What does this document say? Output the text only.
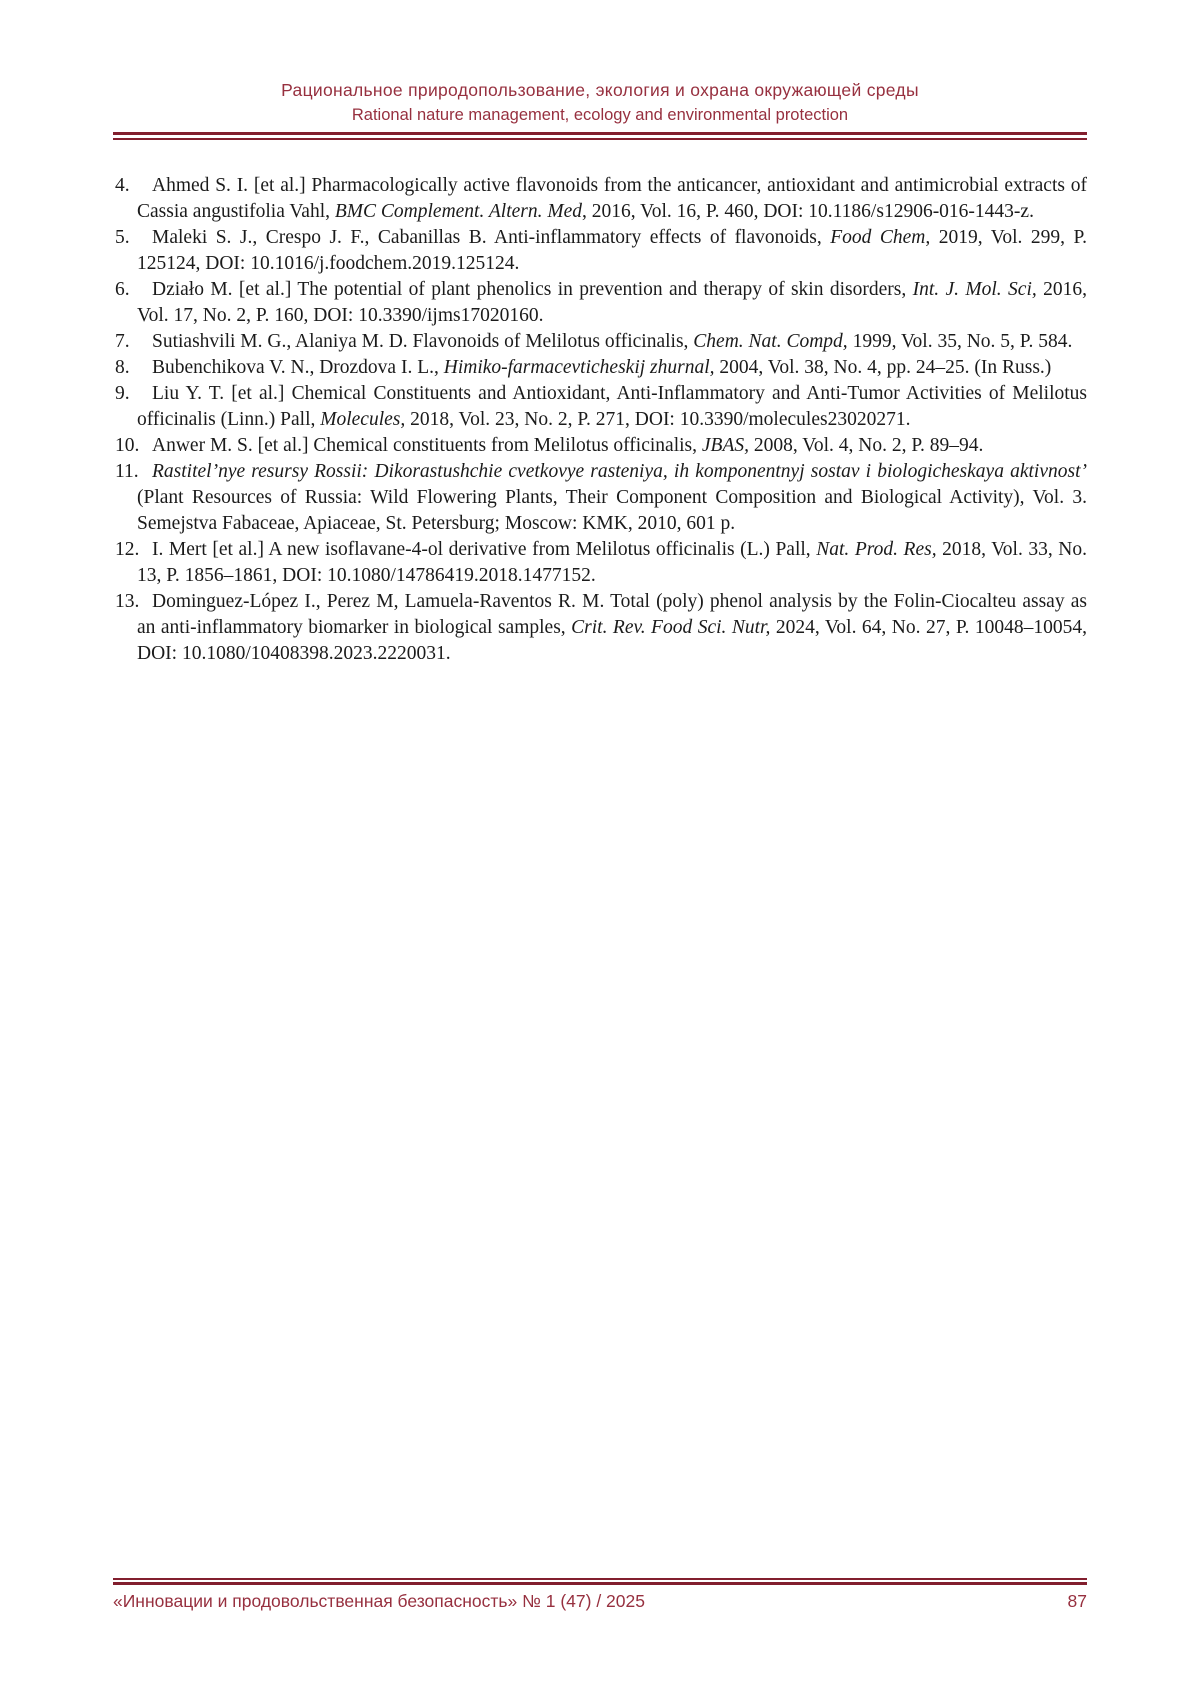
Рациональное природопользование, экология и охрана окружающей среды
Rational nature management, ecology and environmental protection
4. Ahmed S. I. [et al.] Pharmacologically active flavonoids from the anticancer, antioxidant and antimicrobial extracts of Cassia angustifolia Vahl, BMC Complement. Altern. Med, 2016, Vol. 16, P. 460, DOI: 10.1186/s12906-016-1443-z.
5. Maleki S. J., Crespo J. F., Cabanillas B. Anti-inflammatory effects of flavonoids, Food Chem, 2019, Vol. 299, P. 125124, DOI: 10.1016/j.foodchem.2019.125124.
6. Działo M. [et al.] The potential of plant phenolics in prevention and therapy of skin disorders, Int. J. Mol. Sci, 2016, Vol. 17, No. 2, P. 160, DOI: 10.3390/ijms17020160.
7. Sutiashvili M. G., Alaniya M. D. Flavonoids of Melilotus officinalis, Chem. Nat. Compd, 1999, Vol. 35, No. 5, P. 584.
8. Bubenchikova V. N., Drozdova I. L., Himiko-farmacevticheskij zhurnal, 2004, Vol. 38, No. 4, pp. 24–25. (In Russ.)
9. Liu Y. T. [et al.] Chemical Constituents and Antioxidant, Anti-Inflammatory and Anti-Tumor Activities of Melilotus officinalis (Linn.) Pall, Molecules, 2018, Vol. 23, No. 2, P. 271, DOI: 10.3390/molecules23020271.
10. Anwer M. S. [et al.] Chemical constituents from Melilotus officinalis, JBAS, 2008, Vol. 4, No. 2, P. 89–94.
11. Rastitel’nye resursy Rossii: Dikorastushchie cvetkovye rasteniya, ih komponentnyj sostav i biologicheskaya aktivnost’ (Plant Resources of Russia: Wild Flowering Plants, Their Component Composition and Biological Activity), Vol. 3. Semejstva Fabaceae, Apiaceae, St. Petersburg; Moscow: KMK, 2010, 601 p.
12. I. Mert [et al.] A new isoflavane-4-ol derivative from Melilotus officinalis (L.) Pall, Nat. Prod. Res, 2018, Vol. 33, No. 13, P. 1856–1861, DOI: 10.1080/14786419.2018.1477152.
13. Dominguez-López I., Perez M, Lamuela-Raventos R. M. Total (poly) phenol analysis by the Folin-Ciocalteu assay as an anti-inflammatory biomarker in biological samples, Crit. Rev. Food Sci. Nutr, 2024, Vol. 64, No. 27, P. 10048–10054, DOI: 10.1080/10408398.2023.2220031.
«Инновации и продовольственная безопасность» № 1 (47) / 2025	87
